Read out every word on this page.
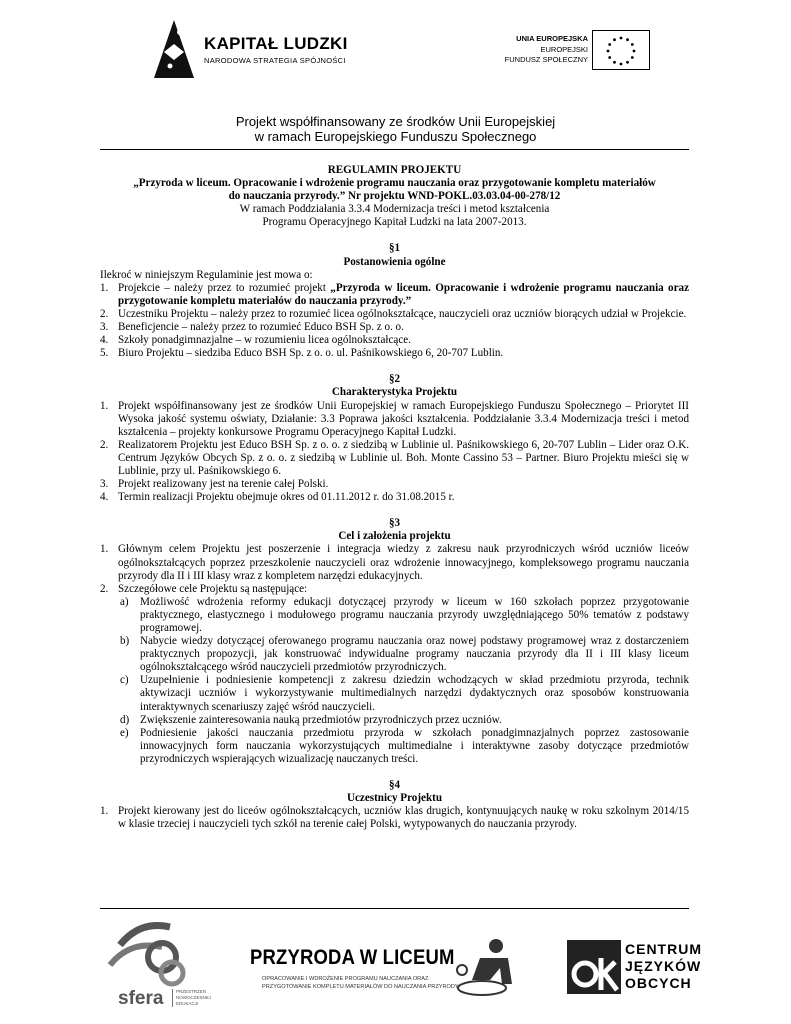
KAPITAŁ LUDZKI
NARODOWA STRATEGIA SPÓJNOŚCI
UNIA EUROPEJSKA
EUROPEJSKI
FUNDUSZ SPOŁECZNY
Projekt współfinansowany ze środków Unii Europejskiej
w ramach Europejskiego Funduszu Społecznego

REGULAMIN PROJEKTU

„Przyroda w liceum. Opracowanie i wdrożenie programu nauczania oraz przygotowanie kompletu materiałów

do nauczania przyrody.” Nr projektu WND-POKL.03.03.04-00-278/12

W ramach Poddziałania 3.3.4 Modernizacja treści i metod kształcenia

Programu Operacyjnego Kapitał Ludzki na lata 2007-2013.

§1

Postanowienia ogólne

Ilekroć w niniejszym Regulaminie jest mowa o:

1. Projekcie – należy przez to rozumieć projekt „Przyroda w liceum. Opracowanie i wdrożenie programu nauczania oraz przygotowanie kompletu materiałów do nauczania przyrody.”
2. Uczestniku Projektu – należy przez to rozumieć licea ogólnokształcące, nauczycieli oraz uczniów biorących udział w Projekcie.
3. Beneficjencie – należy przez to rozumieć Educo BSH Sp. z o. o.
4. Szkoły ponadgimnazjalne – w rozumieniu licea ogólnokształcące.
5. Biuro Projektu – siedziba Educo BSH Sp. z o. o. ul. Paśnikowskiego 6, 20-707 Lublin.

§2

Charakterystyka Projektu

1. Projekt współfinansowany jest ze środków Unii Europejskiej w ramach Europejskiego Funduszu Społecznego – Priorytet III Wysoka jakość systemu oświaty, Działanie: 3.3 Poprawa jakości kształcenia. Poddziałanie 3.3.4 Modernizacja treści i metod kształcenia – projekty konkursowe Programu Operacyjnego Kapitał Ludzki.
2. Realizatorem Projektu jest Educo BSH Sp. z o. o. z siedzibą w Lublinie ul. Paśnikowskiego 6, 20-707 Lublin – Lider oraz O.K. Centrum Języków Obcych Sp. z o. o. z siedzibą w Lublinie ul. Boh. Monte Cassino 53 – Partner. Biuro Projektu mieści się w Lublinie, przy ul. Paśnikowskiego 6.
3. Projekt realizowany jest na terenie całej Polski.
4. Termin realizacji Projektu obejmuje okres od 01.11.2012 r. do 31.08.2015 r.

§3

Cel i założenia projektu

1. Głównym celem Projektu jest poszerzenie i integracja wiedzy z zakresu nauk przyrodniczych wśród uczniów liceów ogólnokształcących poprzez przeszkolenie nauczycieli oraz wdrożenie innowacyjnego, kompleksowego programu nauczania przyrody dla II i III klasy wraz z kompletem narzędzi edukacyjnych.
2. Szczegółowe cele Projektu są następujące:
a)	Możliwość wdrożenia reformy edukacji dotyczącej przyrody w liceum w 160 szkołach poprzez przygotowanie praktycznego, elastycznego i modułowego programu nauczania przyrody uwzględniającego 50% tematów z podstawy programowej.
b) Nabycie wiedzy dotyczącej oferowanego programu nauczania oraz nowej podstawy programowej wraz z dostarczeniem praktycznych propozycji, jak konstruować indywidualne programy nauczania przyrody dla II i III klasy liceum ogólnokształcącego wśród nauczycieli przedmiotów przyrodniczych.
c)	Uzupełnienie i podniesienie kompetencji z zakresu dziedzin wchodzących w skład przedmiotu przyroda, technik aktywizacji uczniów i wykorzystywanie multimedialnych narzędzi dydaktycznych oraz sposobów konstruowania interaktywnych scenariuszy zajęć wśród nauczycieli.
d) Zwiększenie zainteresowania nauką przedmiotów przyrodniczych przez uczniów.
e)	Podniesienie jakości nauczania przedmiotu przyroda w szkołach ponadgimnazjalnych poprzez zastosowanie innowacyjnych form nauczania wykorzystujących multimedialne i interaktywne zasoby dotyczące przedmiotów przyrodniczych wspierających wizualizację nauczanych treści.

§4

Uczestnicy Projektu

1. Projekt kierowany jest do liceów ogólnokształcących, uczniów klas drugich, kontynuujących naukę w roku szkolnym 2014/15 w klasie trzeciej i nauczycieli tych szkół na terenie całej Polski, wytypowanych do nauczania przyrody.
sfera	PRZESTRZEŃ
NOWOCZESNEJ
EDUKACJI
PRZYRODA W LICEUM
OPRACOWANIE I WDROŻENIE PROGRAMU NAUCZANIA ORAZ
PRZYGOTOWANIE KOMPLETU MATERIAŁÓW DO NAUCZANIA PRZYRODY
CENTRUM
JĘZYKÓW
OBCYCH
